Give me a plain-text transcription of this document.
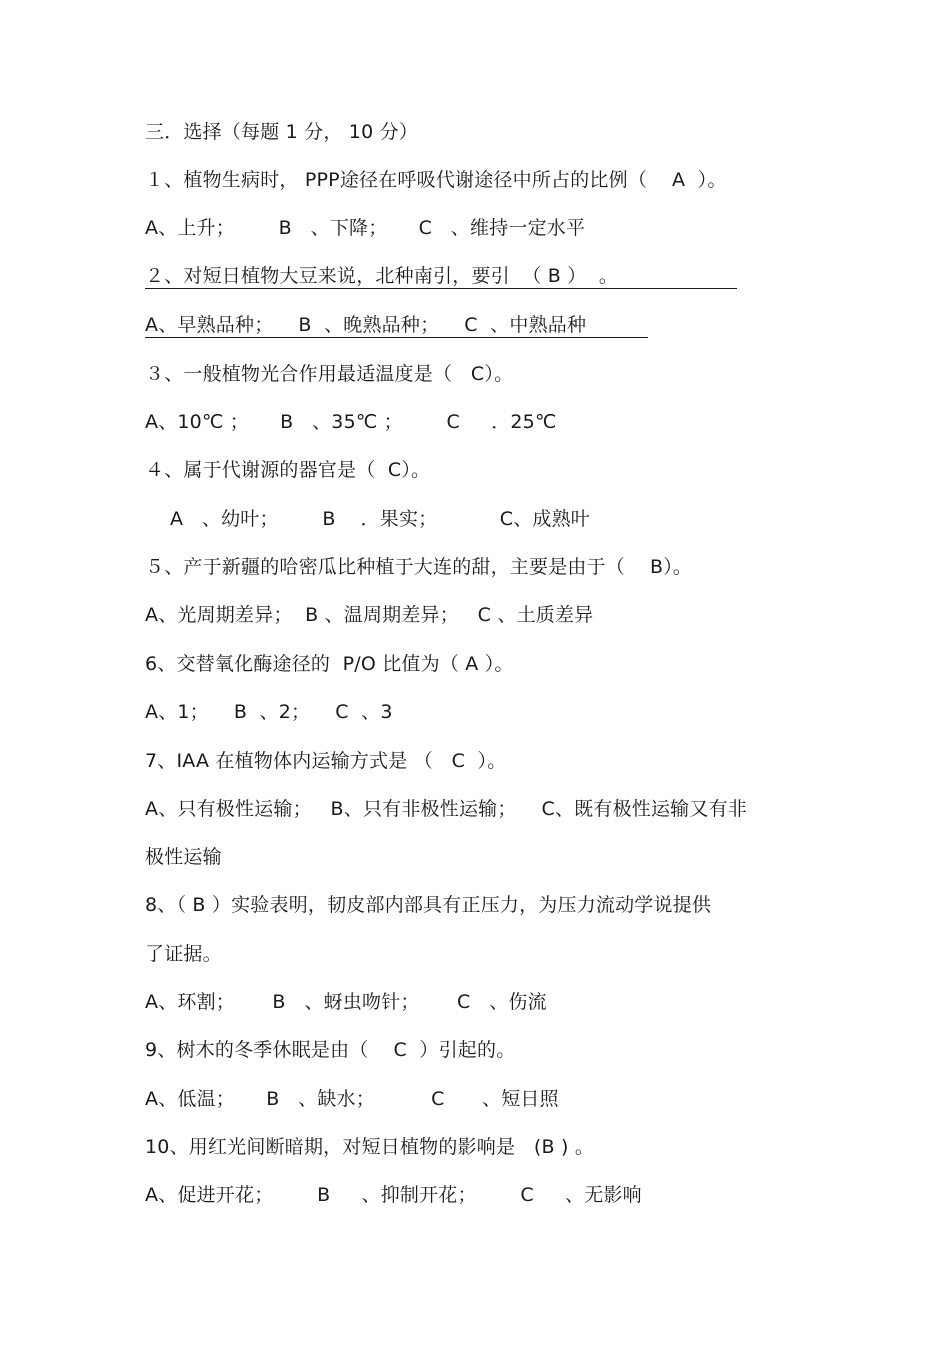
三．选择（每题 1 分， 10 分）
１、植物生病时， PPP途径在呼吸代谢途径中所占的比例（    A  ）。
A、上升；       B   、下降；     C   、维持一定水平
２、对短日植物大豆来说，北种南引，要引  （ B ）  。
A、早熟品种；    B  、晚熟品种；    C  、中熟品种
３、一般植物光合作用最适温度是（   C）。
A、10℃ ；     B   、35℃ ；       C     ．25℃
４、属于代谢源的器官是（  C）。
A   、幼叶；       B    ．果实；          C、成熟叶
５、产于新疆的哈密瓜比种植于大连的甜，主要是由于（    B）。
A、光周期差异；  B 、温周期差异；   C 、土质差异
6、交替氧化酶途径的  P/O 比值为（ A ）。
A、1；    B  、2；    C  、3
7、IAA 在植物体内运输方式是 （   C  ）。
A、只有极性运输；   B、只有非极性运输；    C、既有极性运输又有非
极性运输
8、（ B ）实验表明，韧皮部内部具有正压力，为压力流动学说提供
了证据。
A、环割；      B   、蚜虫吻针；      C   、伤流
9、树木的冬季休眠是由（    C  ）引起的。
A、低温；     B   、缺水；         C      、短日照
10、用红光间断暗期，对短日植物的影响是   (B ) 。
A、促进开花；       B     、抑制开花；       C     、无影响
